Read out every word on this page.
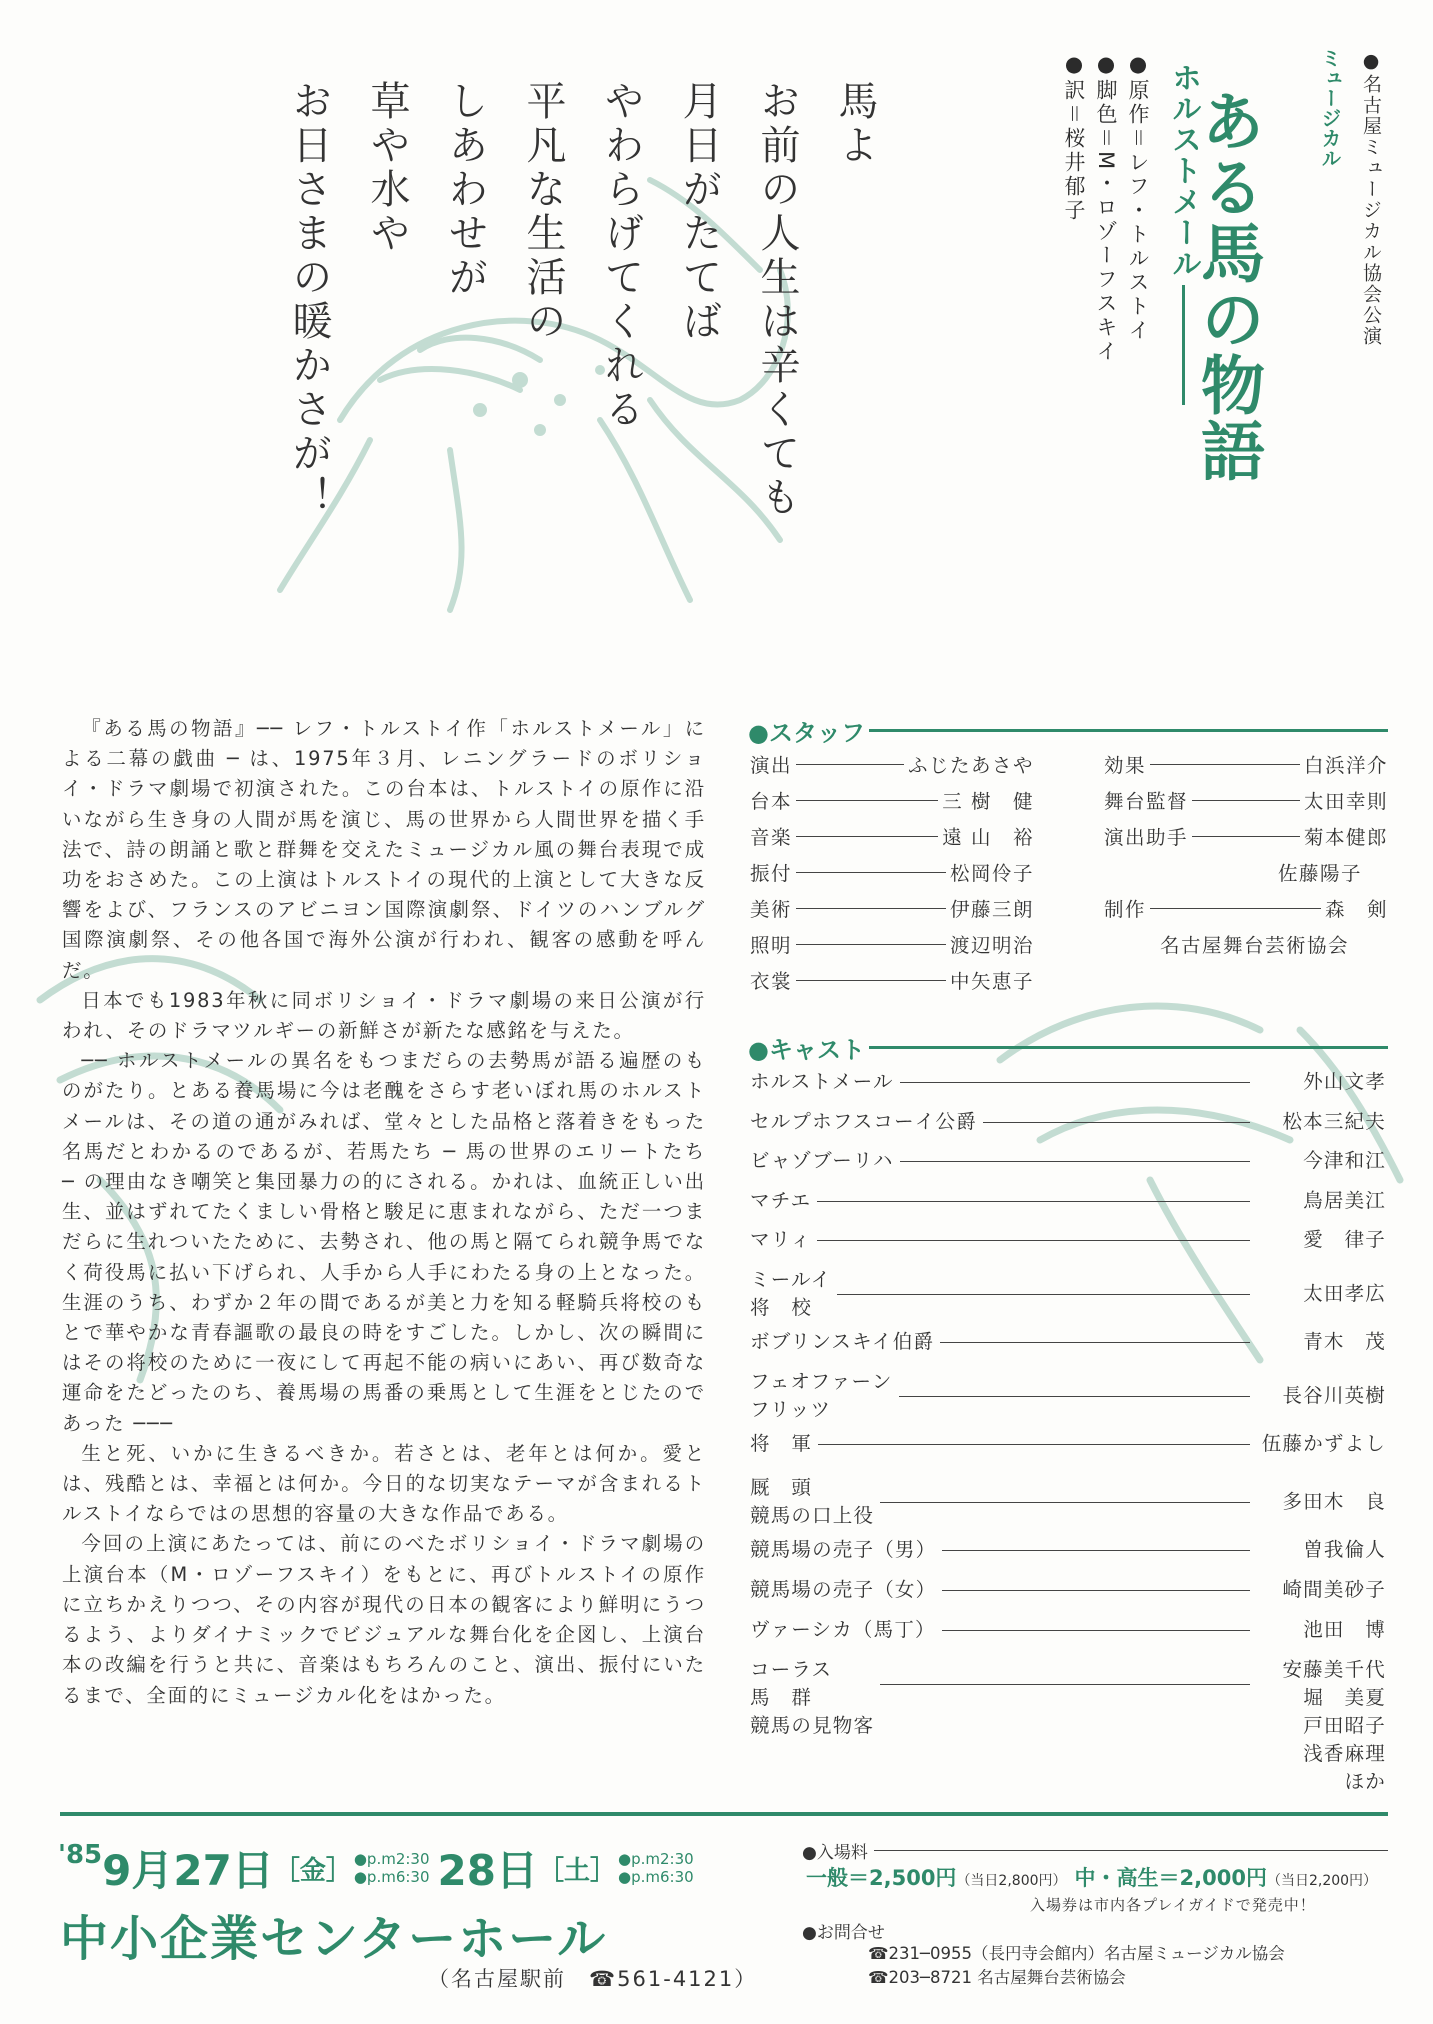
●名古屋ミュージカル協会公演
ミュージカル
ある馬の物語
ホルストメール
●原作＝レフ・トルストイ
●脚色＝M・ロゾーフスキイ
●訳＝桜井郁子
馬よ
お前の人生は辛くても
月日がたてば
やわらげてくれる
平凡な生活の
しあわせが
草や水や
お日さまの暖かさが！

『ある馬の物語』── レフ・トルストイ作「ホルストメール」による二幕の戯曲 ─ は、1975年３月、レニングラードのボリショイ・ドラマ劇場で初演された。この台本は、トルストイの原作に沿いながら生き身の人間が馬を演じ、馬の世界から人間世界を描く手法で、詩の朗誦と歌と群舞を交えたミュージカル風の舞台表現で成功をおさめた。この上演はトルストイの現代的上演として大きな反響をよび、フランスのアビニヨン国際演劇祭、ドイツのハンブルグ国際演劇祭、その他各国で海外公演が行われ、観客の感動を呼んだ。

日本でも1983年秋に同ボリショイ・ドラマ劇場の来日公演が行われ、そのドラマツルギーの新鮮さが新たな感銘を与えた。

── ホルストメールの異名をもつまだらの去勢馬が語る遍歴のものがたり。とある養馬場に今は老醜をさらす老いぼれ馬のホルストメールは、その道の通がみれば、堂々とした品格と落着きをもった名馬だとわかるのであるが、若馬たち ─ 馬の世界のエリートたち ─ の理由なき嘲笑と集団暴力の的にされる。かれは、血統正しい出生、並はずれてたくましい骨格と駿足に恵まれながら、ただ一つまだらに生れついたために、去勢され、他の馬と隔てられ競争馬でなく荷役馬に払い下げられ、人手から人手にわたる身の上となった。生涯のうち、わずか２年の間であるが美と力を知る軽騎兵将校のもとで華やかな青春謳歌の最良の時をすごした。しかし、次の瞬間にはその将校のために一夜にして再起不能の病いにあい、再び数奇な運命をたどったのち、養馬場の馬番の乗馬として生涯をとじたのであった ───

生と死、いかに生きるべきか。若さとは、老年とは何か。愛とは、残酷とは、幸福とは何か。今日的な切実なテーマが含まれるトルストイならではの思想的容量の大きな作品である。

今回の上演にあたっては、前にのべたボリショイ・ドラマ劇場の上演台本（M・ロゾーフスキイ）をもとに、再びトルストイの原作に立ちかえりつつ、その内容が現代の日本の観客により鮮明にうつるよう、よりダイナミックでビジュアルな舞台化を企図し、上演台本の改編を行うと共に、音楽はもちろんのこと、演出、振付にいたるまで、全面的にミュージカル化をはかった。

●スタッフ
演出	ふじたあさや
台本	三 樹　健
音楽	遠 山　裕
振付	松岡伶子
美術	伊藤三朗
照明	渡辺明治
衣裳	中矢恵子
効果	白浜洋介
舞台監督	太田幸則
演出助手	菊本健郎
佐藤陽子
制作	森　剣
名古屋舞台芸術協会
●キャスト
ホルストメール	外山文孝
セルプホフスコーイ公爵	松本三紀夫
ビャゾブーリハ	今津和江
マチエ	鳥居美江
マリィ	愛　律子
ミールイ
将　校
太田孝広
ボブリンスキイ伯爵	青木　茂
フェオファーン
フリッツ
長谷川英樹
将　軍	伍藤かずよし
厩　頭
競馬の口上役
多田木　良
競馬場の売子（男）	曽我倫人
競馬場の売子（女）	崎間美砂子
ヴァーシカ（馬丁）	池田　博
コーラス
馬　群
競馬の見物客
安藤美千代
堀　美夏
戸田昭子
浅香麻理
ほか
'85 9月27日 ［金］ ●p.m2:30
●p.m6:30 28日 ［土］ ●p.m2:30
●p.m6:30
中小企業センターホール
（名古屋駅前　☎561-4121）
●入場料
一般＝2,500円 （当日2,800円） 中・高生＝2,000円 （当日2,200円）
入場券は市内各プレイガイドで発売中！
●お問合せ
☎231─0955（長円寺会館内）名古屋ミュージカル協会
☎203─8721 名古屋舞台芸術協会
